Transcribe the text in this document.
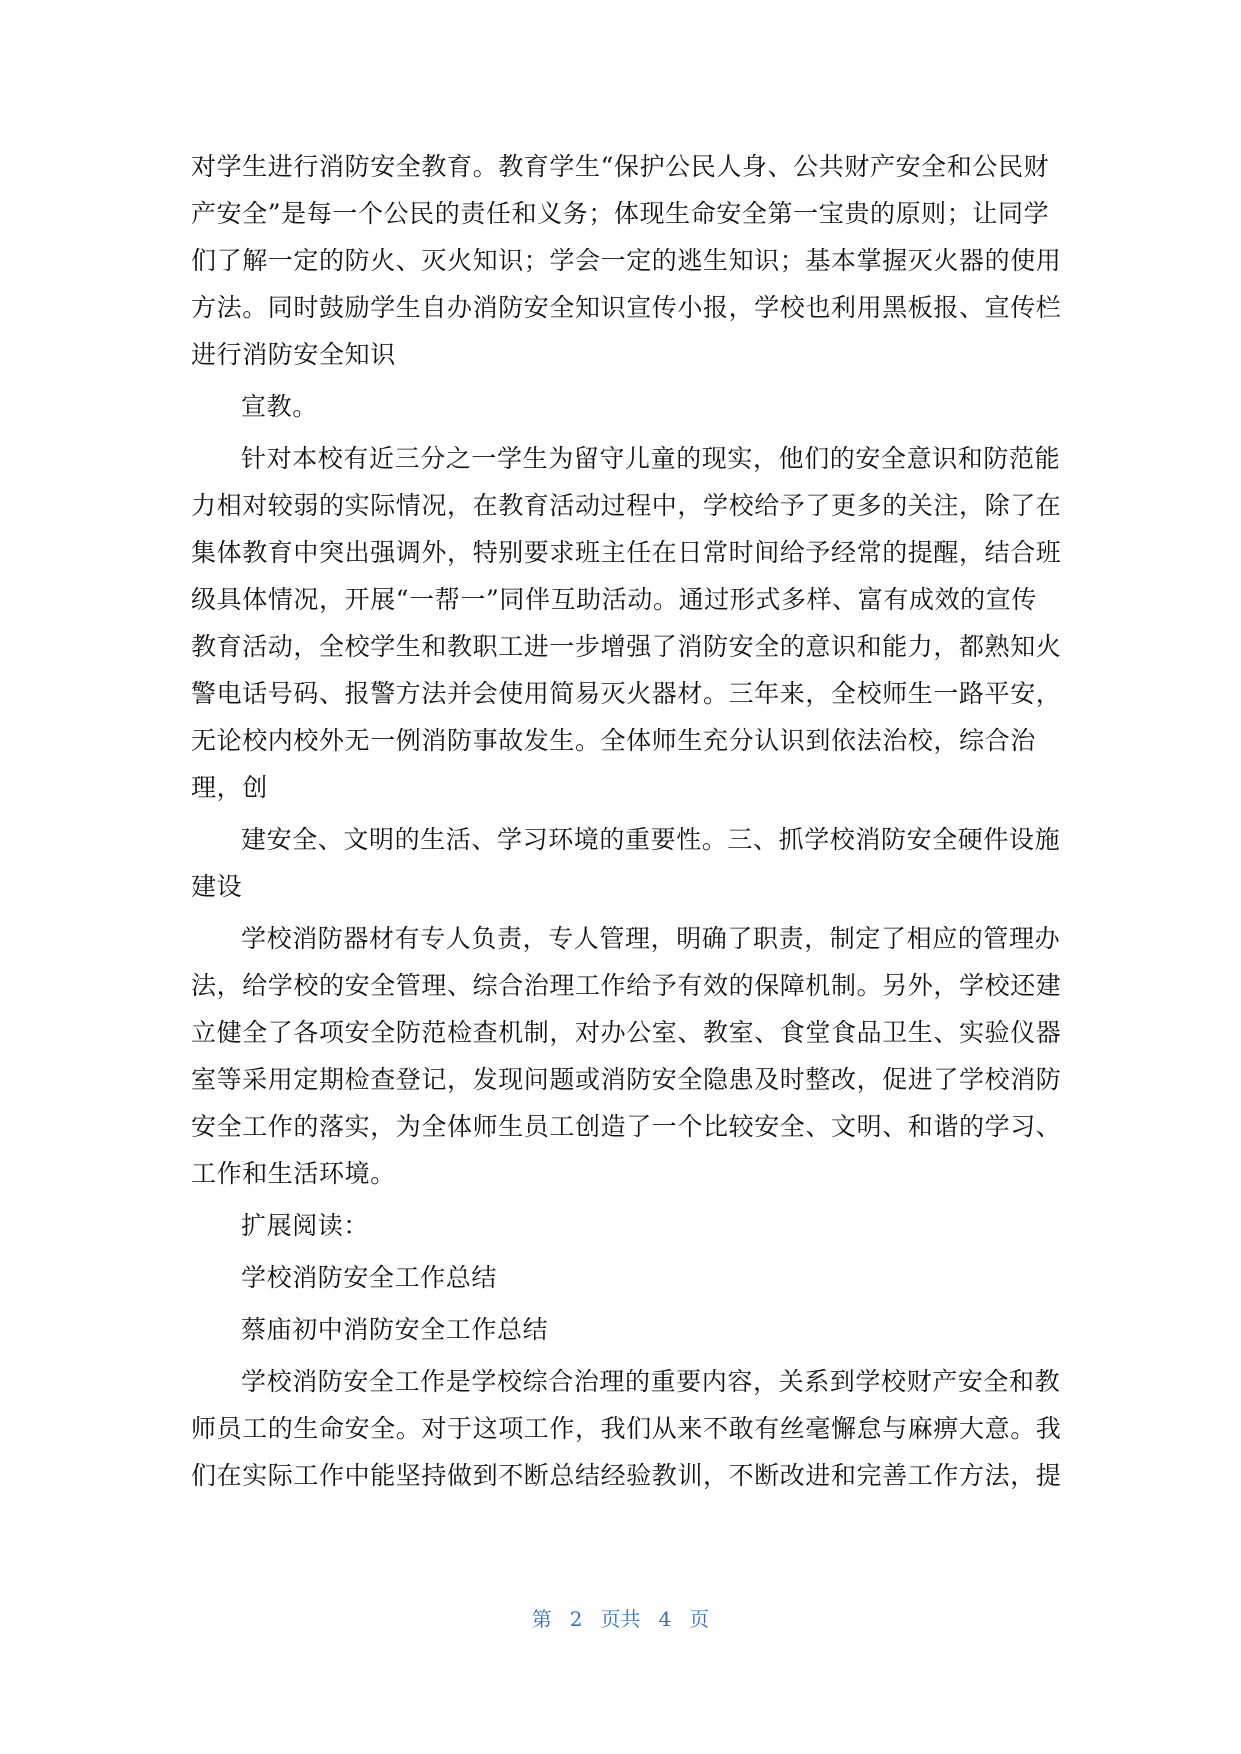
对学生进行消防安全教育。教育学生“保护公民人身、公共财产安全和公民财
产安全”是每一个公民的责任和义务；体现生命安全第一宝贵的原则；让同学
们了解一定的防火、灭火知识；学会一定的逃生知识；基本掌握灭火器的使用
方法。同时鼓励学生自办消防安全知识宣传小报，学校也利用黑板报、宣传栏
进行消防安全知识
宣教。
针对本校有近三分之一学生为留守儿童的现实，他们的安全意识和防范能
力相对较弱的实际情况，在教育活动过程中，学校给予了更多的关注，除了在
集体教育中突出强调外，特别要求班主任在日常时间给予经常的提醒，结合班
级具体情况，开展“一帮一”同伴互助活动。通过形式多样、富有成效的宣传
教育活动，全校学生和教职工进一步增强了消防安全的意识和能力，都熟知火
警电话号码、报警方法并会使用简易灭火器材。三年来，全校师生一路平安，
无论校内校外无一例消防事故发生。全体师生充分认识到依法治校，综合治
理，创
建安全、文明的生活、学习环境的重要性。三、抓学校消防安全硬件设施
建设
学校消防器材有专人负责，专人管理，明确了职责，制定了相应的管理办
法，给学校的安全管理、综合治理工作给予有效的保障机制。另外，学校还建
立健全了各项安全防范检查机制，对办公室、教室、食堂食品卫生、实验仪器
室等采用定期检查登记，发现问题或消防安全隐患及时整改，促进了学校消防
安全工作的落实，为全体师生员工创造了一个比较安全、文明、和谐的学习、
工作和生活环境。
扩展阅读：
学校消防安全工作总结
蔡庙初中消防安全工作总结
学校消防安全工作是学校综合治理的重要内容，关系到学校财产安全和教
师员工的生命安全。对于这项工作，我们从来不敢有丝毫懈怠与麻痹大意。我
们在实际工作中能坚持做到不断总结经验教训，不断改进和完善工作方法，提
第 2 页共 4 页
